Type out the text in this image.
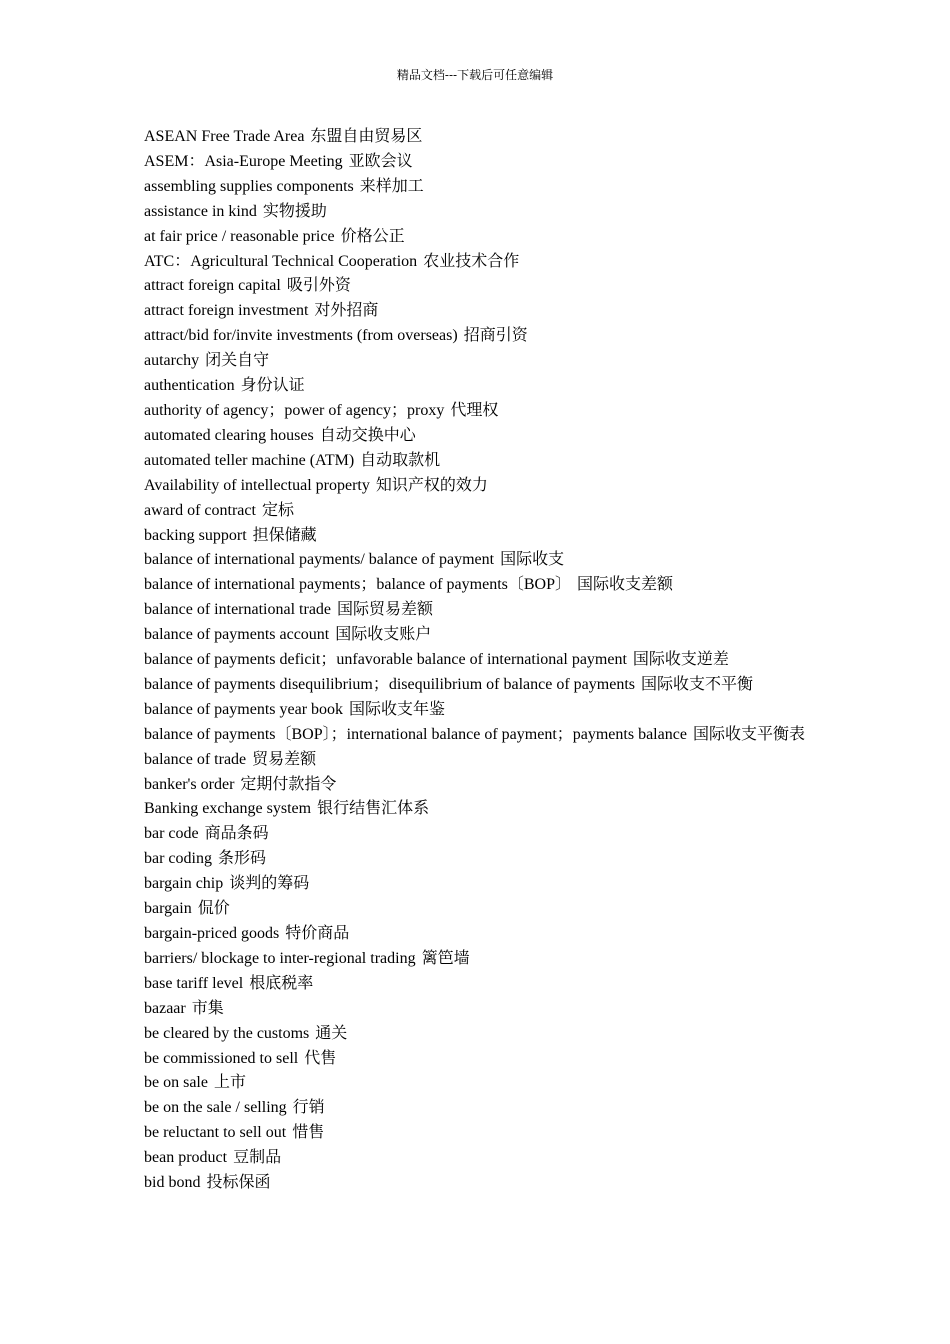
精品文档---下载后可任意编辑
ASEAN Free Trade Area 东盟自由贸易区
ASEM：Asia-Europe Meeting 亚欧会议
assembling supplies components 来样加工
assistance in kind 实物援助
at fair price / reasonable price 价格公正
ATC：Agricultural Technical Cooperation 农业技术合作
attract foreign capital 吸引外资
attract foreign investment 对外招商
attract/bid for/invite investments (from overseas) 招商引资
autarchy 闭关自守
authentication 身份认证
authority of agency；power of agency；proxy 代理权
automated clearing houses 自动交换中心
automated teller machine (ATM) 自动取款机
Availability of intellectual property 知识产权的效力
award of contract 定标
backing support 担保储藏
balance of international payments/ balance of payment 国际收支
balance of international payments；balance of payments〔BOP〕 国际收支差额
balance of international trade 国际贸易差额
balance of payments account 国际收支账户
balance of payments deficit；unfavorable balance of international payment 国际收支逆差
balance of payments disequilibrium；disequilibrium of balance of payments 国际收支不平衡
balance of payments year book 国际收支年鉴
balance of payments〔BOP〕；international balance of payment；payments balance 国际收支平衡表
balance of trade 贸易差额
banker's order 定期付款指令
Banking exchange system 银行结售汇体系
bar code 商品条码
bar coding 条形码
bargain chip 谈判的筹码
bargain 侃价
bargain-priced goods 特价商品
barriers/ blockage to inter-regional trading 篱笆墙
base tariff level 根底税率
bazaar 市集
be cleared by the customs 通关
be commissioned to sell 代售
be on sale 上市
be on the sale / selling 行销
be reluctant to sell out 惜售
bean product 豆制品
bid bond 投标保函
